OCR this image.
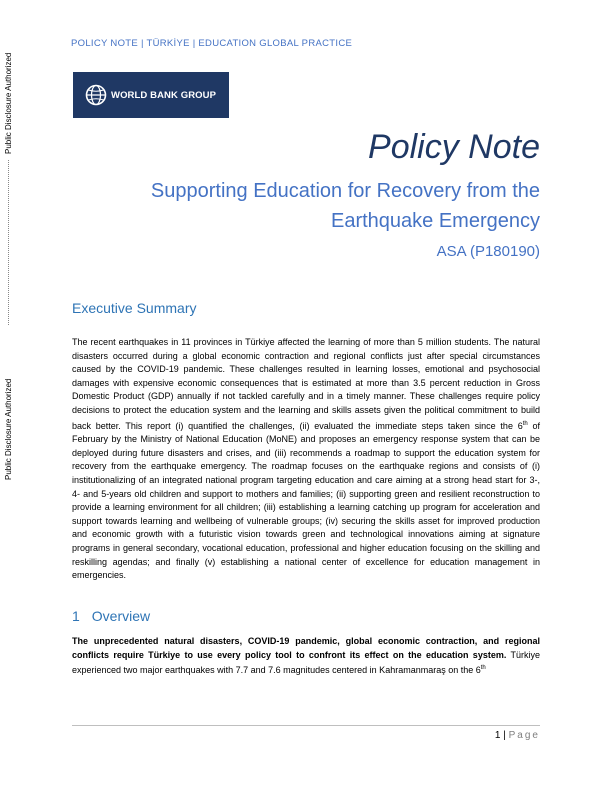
Public Disclosure Authorized
Public Disclosure Authorized
POLICY NOTE | TÜRKİYE | EDUCATION GLOBAL PRACTICE
WORLD BANK GROUP
Policy Note
Supporting Education for Recovery from the
Earthquake Emergency
ASA (P180190)
Executive Summary
The recent earthquakes in 11 provinces in Türkiye affected the learning of more than 5 million students. The natural disasters occurred during a global economic contraction and regional conflicts just after special circumstances caused by the COVID-19 pandemic. These challenges resulted in learning losses, emotional and psychosocial damages with expensive economic consequences that is estimated at more than 3.5 percent reduction in Gross Domestic Product (GDP) annually if not tackled carefully and in a timely manner. These challenges require policy decisions to protect the education system and the learning and skills assets given the political commitment to build back better. This report (i) quantified the challenges, (ii) evaluated the immediate steps taken since the 6th of February by the Ministry of National Education (MoNE) and proposes an emergency response system that can be deployed during future disasters and crises, and (iii) recommends a roadmap to support the education system for recovery from the earthquake emergency. The roadmap focuses on the earthquake regions and consists of (i) institutionalizing of an integrated national program targeting education and care aiming at a strong head start for 3-, 4- and 5-years old children and support to mothers and families; (ii) supporting green and resilient reconstruction to provide a learning environment for all children; (iii) establishing a learning catching up program for acceleration and support towards learning and wellbeing of vulnerable groups; (iv) securing the skills asset for improved production and economic growth with a futuristic vision towards green and technological innovations aiming at signature programs in general secondary, vocational education, professional and higher education focusing on the skilling and reskilling agendas; and finally (v) establishing a national center of excellence for education management in emergencies.
1 Overview
The unprecedented natural disasters, COVID-19 pandemic, global economic contraction, and regional conflicts require Türkiye to use every policy tool to confront its effect on the education system. Türkiye experienced two major earthquakes with 7.7 and 7.6 magnitudes centered in Kahramanmaraş on the 6th
1 | Page
